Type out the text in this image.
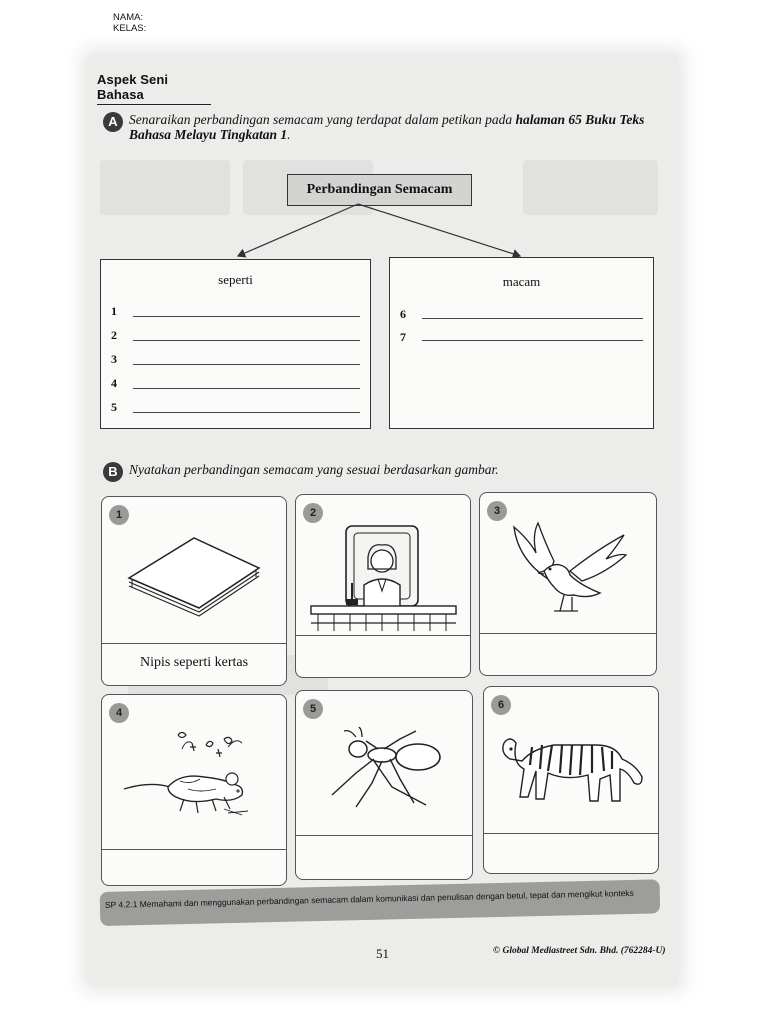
NAMA:
KELAS:
Aspek Seni Bahasa
A Senaraikan perbandingan semacam yang terdapat dalam petikan pada halaman 65 Buku Teks Bahasa Melayu Tingkatan 1.
Perbandingan Semacam
seperti
1
2
3
4
5
macam
6
7
B Nyatakan perbandingan semacam yang sesuai berdasarkan gambar.
1
Nipis seperti kertas
2	3
4	5	6
SP 4.2.1 Memahami dan menggunakan perbandingan semacam dalam komunikasi dan penulisan dengan betul, tepat dan mengikut konteks
51	© Global Mediastreet Sdn. Bhd. (762284-U)
